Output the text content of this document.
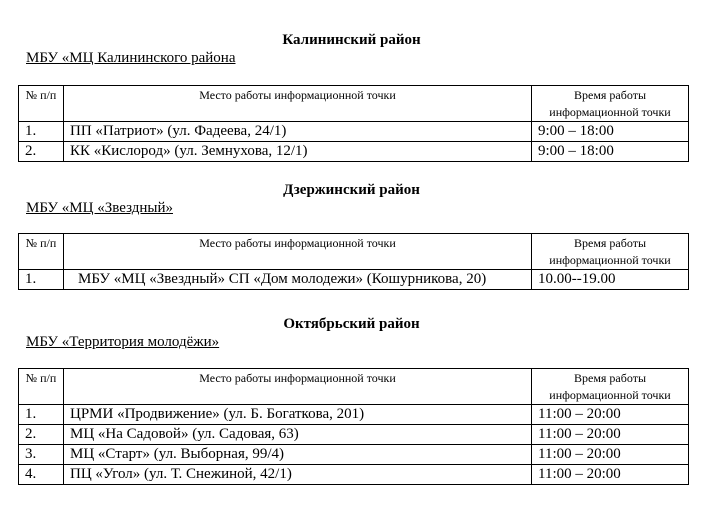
Калининский район
МБУ «МЦ Калининского района
№ п/п	Место работы информационной точки	Время работы информационной точки
1.	ПП «Патриот» (ул. Фадеева, 24/1)	9:00 – 18:00
2.	КК «Кислород» (ул. Земнухова, 12/1)	9:00 – 18:00
Дзержинский район
МБУ «МЦ «Звездный»
№ п/п	Место работы информационной точки	Время работы информационной точки
1.	МБУ «МЦ «Звездный» СП «Дом молодежи» (Кошурникова, 20)	10.00--19.00
Октябрьский район
МБУ «Территория молодёжи»
№ п/п	Место работы информационной точки	Время работы информационной точки
1.	ЦРМИ «Продвижение» (ул. Б. Богаткова, 201)	11:00 – 20:00
2.	МЦ «На Садовой» (ул. Садовая, 63)	11:00 – 20:00
3.	МЦ «Старт» (ул. Выборная, 99/4)	11:00 – 20:00
4.	ПЦ «Угол» (ул. Т. Снежиной, 42/1)	11:00 – 20:00
